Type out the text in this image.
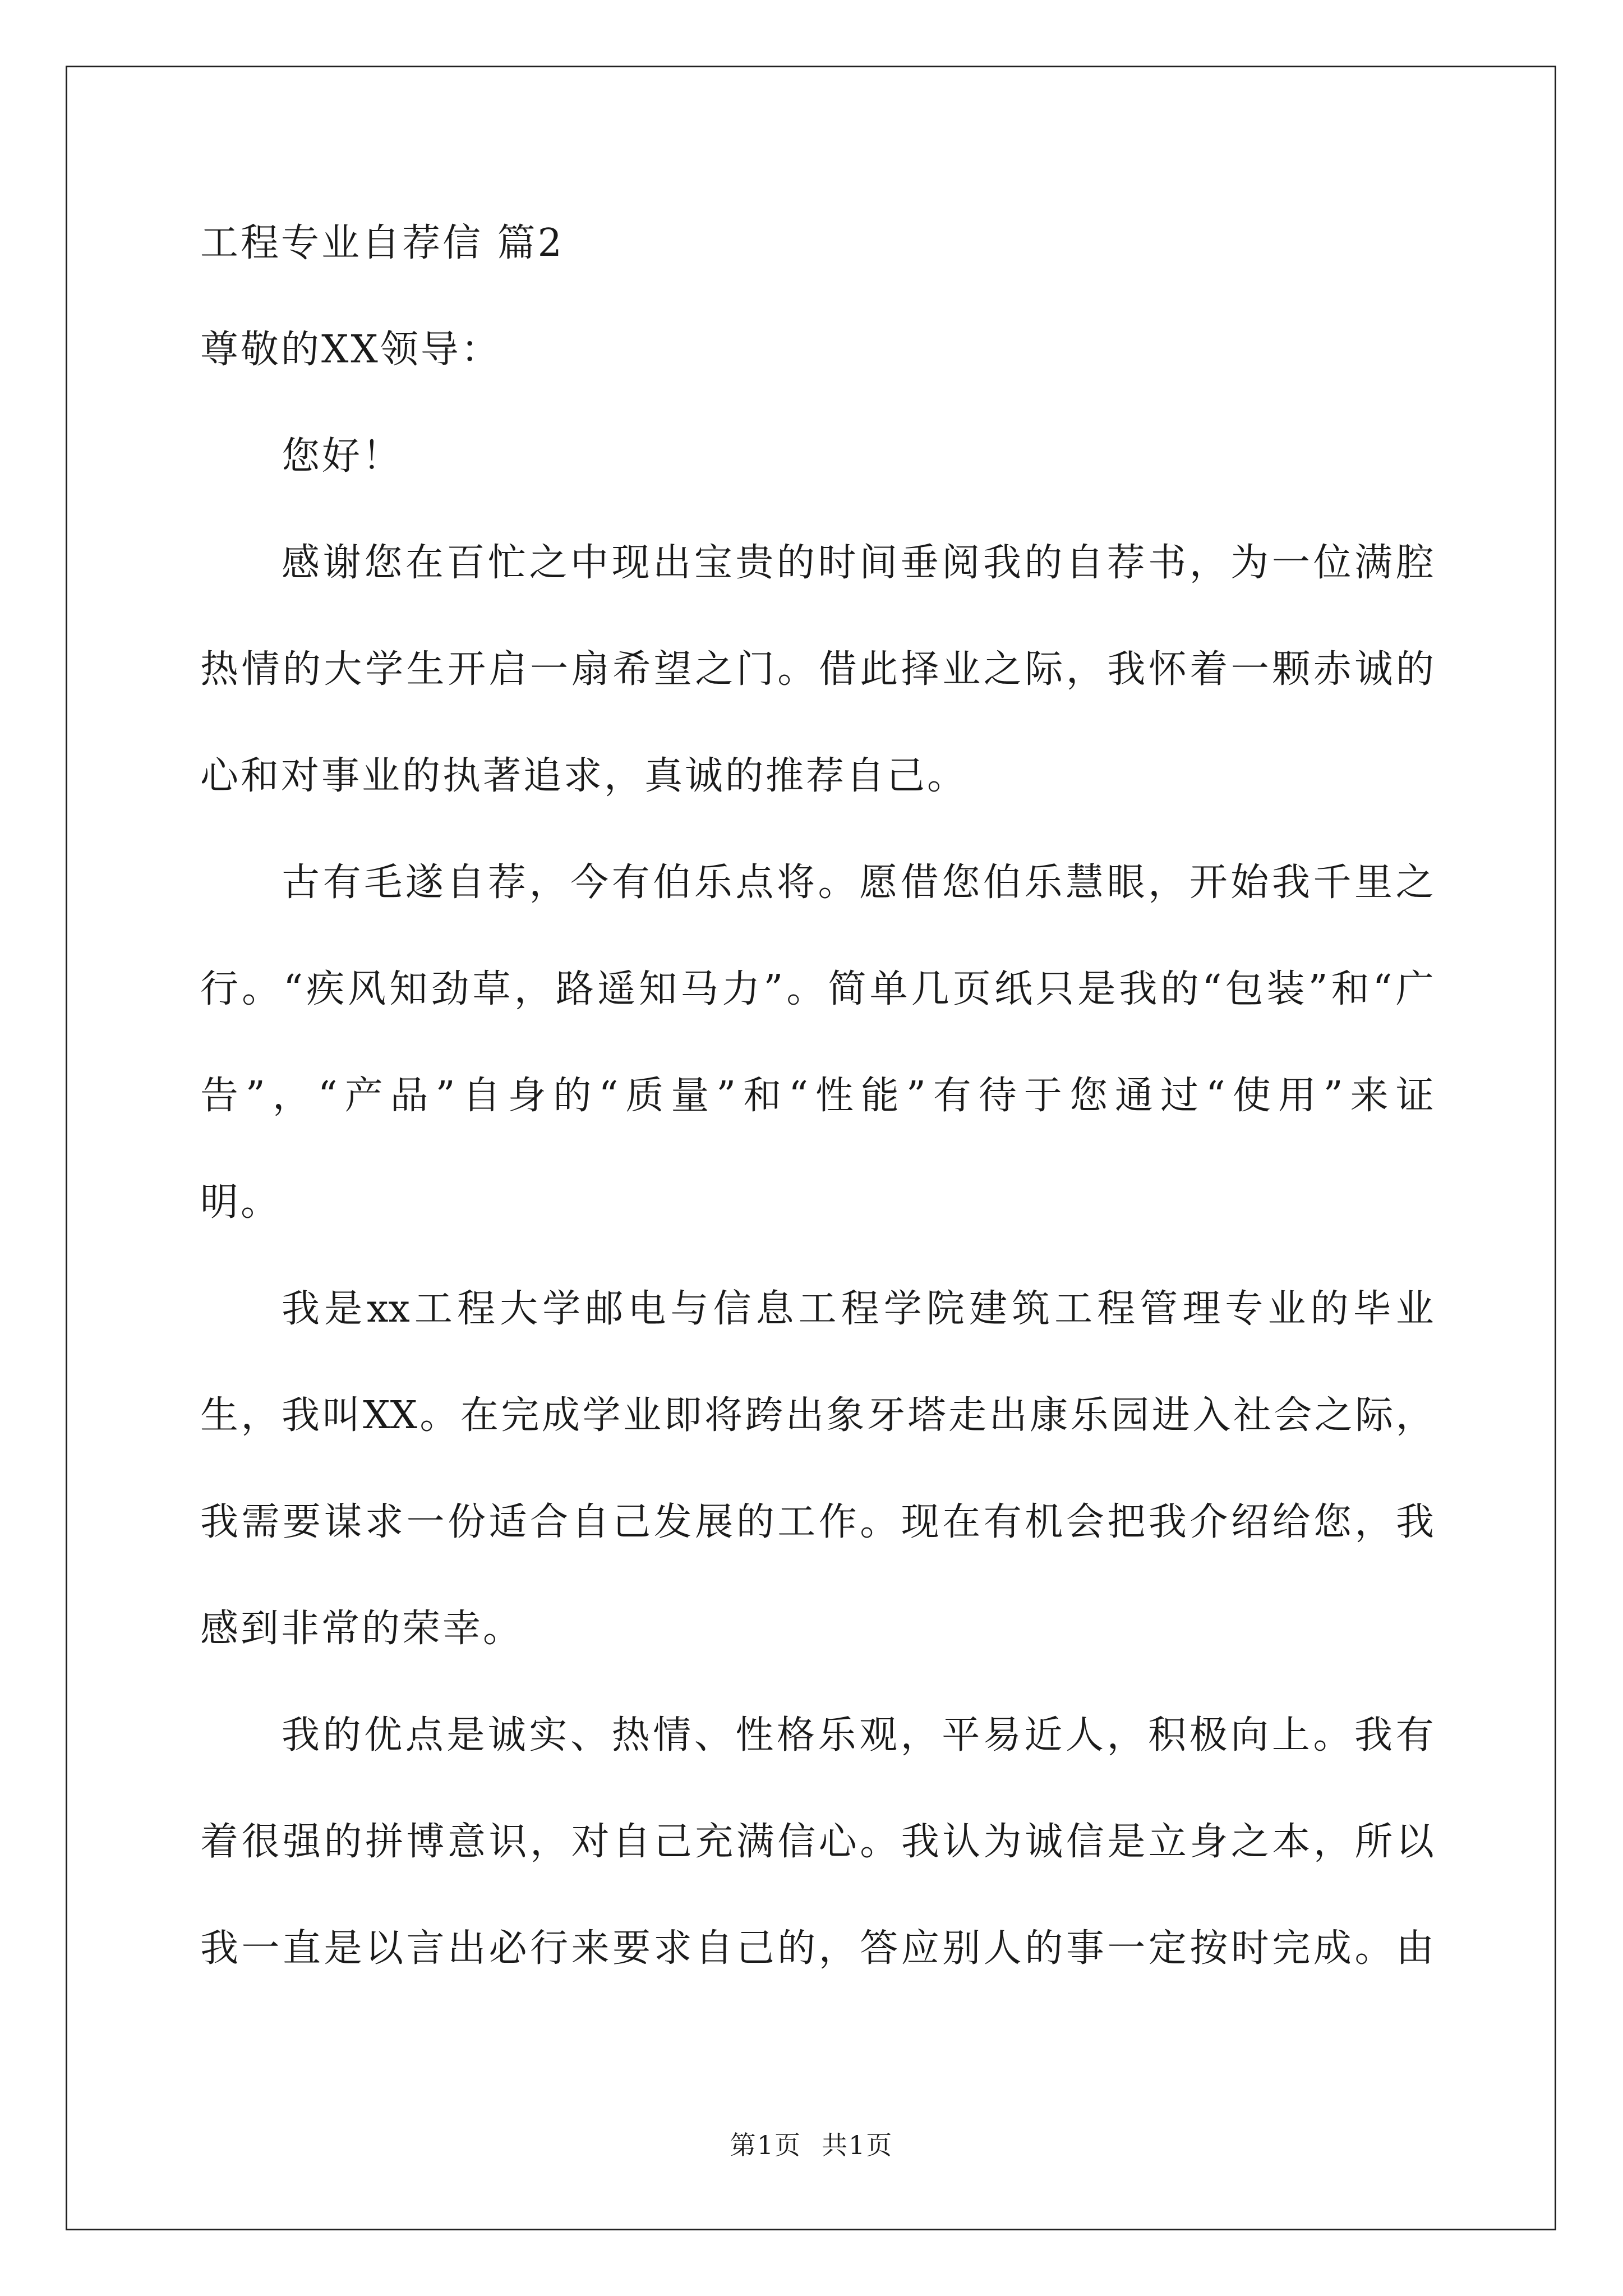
工程专业自荐信 篇2
尊敬的XX领导：
您好！
感 谢 您 在 百 忙 之 中 现 出 宝 贵 的 时 间 垂 阅 我 的 自 荐 书 ， 为 一 位 满 腔
热 情 的 大 学 生 开 启 一 扇 希 望 之 门 。 借 此 择 业 之 际 ， 我 怀 着 一 颗 赤 诚 的
心和对事业的执著追求，真诚的推荐自己。
古 有 毛 遂 自 荐 ， 今 有 伯 乐 点 将 。 愿 借 您 伯 乐 慧 眼 ， 开 始 我 千 里 之
行 。 “ 疾 风 知 劲 草 ， 路 遥 知 马 力 ” 。 简 单 几 页 纸 只 是 我 的 “ 包 装 ” 和 “ 广
告 ” ， “ 产 品 ” 自 身 的 “ 质 量 ” 和 “ 性 能 ” 有 待 于 您 通 过 “ 使 用 ” 来 证
明。
我 是 xx 工 程 大 学 邮 电 与 信 息 工 程 学 院 建 筑 工 程 管 理 专 业 的 毕 业
生 ， 我 叫 XX 。 在 完 成 学 业 即 将 跨 出 象 牙 塔 走 出 康 乐 园 进 入 社 会 之 际 ，
我 需 要 谋 求 一 份 适 合 自 己 发 展 的 工 作 。 现 在 有 机 会 把 我 介 绍 给 您 ， 我
感到非常的荣幸。
我 的 优 点 是 诚 实 、 热 情 、 性 格 乐 观 ， 平 易 近 人 ， 积 极 向 上 。 我 有
着 很 强 的 拼 博 意 识 ， 对 自 己 充 满 信 心 。 我 认 为 诚 信 是 立 身 之 本 ， 所 以
我 一 直 是 以 言 出 必 行 来 要 求 自 己 的 ， 答 应 别 人 的 事 一 定 按 时 完 成 。 由
第1页 共1页
